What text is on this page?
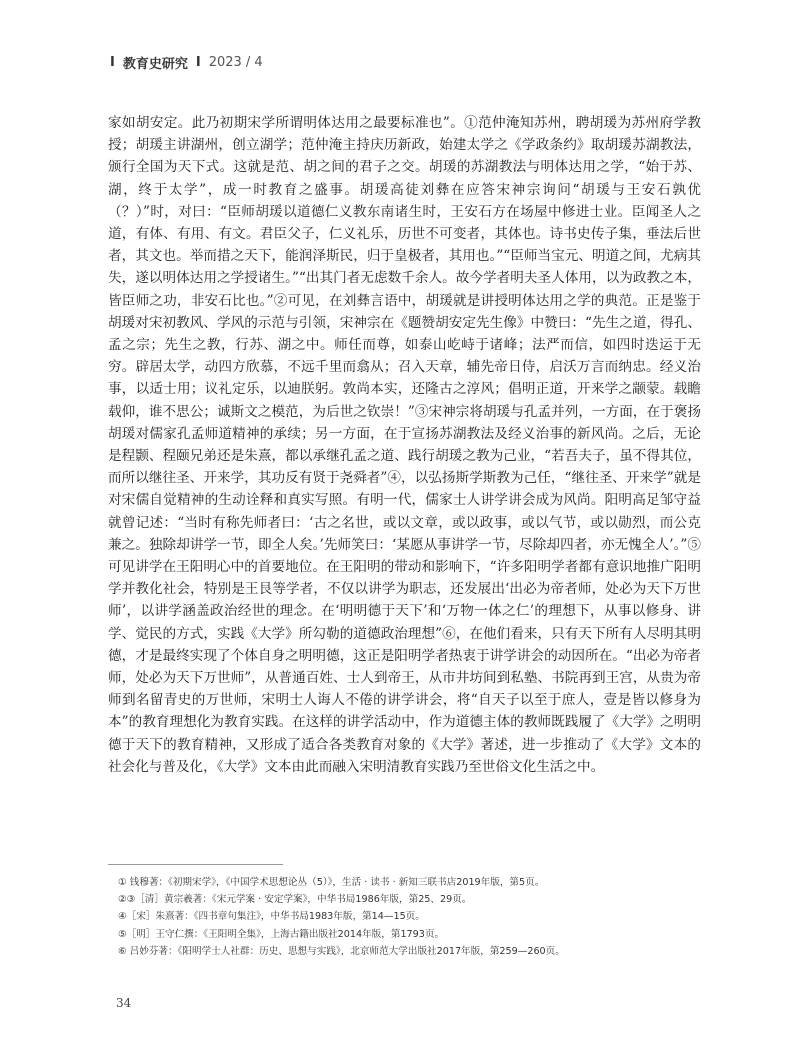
I 教育史研究 I 2023 / 4

家如胡安定。此乃初期宋学所谓明体达用之最要标准也”。①范仲淹知苏州，聘胡瑗为苏州府学教授；胡瑗主讲湖州，创立湖学；范仲淹主持庆历新政，始建太学之《学政条约》取胡瑗苏湖教法，颁行全国为天下式。这就是范、胡之间的君子之交。胡瑗的苏湖教法与明体达用之学，“始于苏、湖，终于太学”，成一时教育之盛事。胡瑗高徒刘彝在应答宋神宗询问“胡瑗与王安石孰优（？）”时，对曰：“臣师胡瑗以道德仁义教东南诸生时，王安石方在场屋中修进士业。臣闻圣人之道，有体、有用、有文。君臣父子，仁义礼乐，历世不可变者，其体也。诗书史传子集，垂法后世者，其文也。举而措之天下，能润泽斯民，归于皇极者，其用也。”“臣师当宝元、明道之间，尤病其失，遂以明体达用之学授诸生。”“出其门者无虑数千余人。故今学者明夫圣人体用，以为政教之本，皆臣师之功，非安石比也。”②可见，在刘彝言语中，胡瑗就是讲授明体达用之学的典范。正是鉴于胡瑗对宋初教风、学风的示范与引领，宋神宗在《题赞胡安定先生像》中赞曰：“先生之道，得孔、孟之宗；先生之教，行苏、湖之中。师任而尊，如泰山屹峙于诸峰；法严而信，如四时迭运于无穷。辟居太学，动四方欣慕，不远千里而翕从；召入天章，辅先帝日侍，启沃万言而纳忠。经义治事，以适士用；议礼定乐，以迪朕躬。敦尚本实，还隆古之淳风；倡明正道，开来学之颛蒙。载瞻载仰，谁不思公；诚斯文之模范，为后世之钦崇！”③宋神宗将胡瑗与孔孟并列，一方面，在于褒扬胡瑗对儒家孔孟师道精神的承续；另一方面，在于宣扬苏湖教法及经义治事的新风尚。之后，无论是程颢、程颐兄弟还是朱熹，都以承继孔孟之道、践行胡瑗之教为己业，“若吾夫子，虽不得其位，而所以继往圣、开来学，其功反有贤于尧舜者”④，以弘扬斯学斯教为己任，“继往圣、开来学”就是对宋儒自觉精神的生动诠释和真实写照。有明一代，儒家士人讲学讲会成为风尚。阳明高足邹守益就曾记述：“当时有称先师者曰：‘古之名世，或以文章，或以政事，或以气节，或以勋烈，而公克兼之。独除却讲学一节，即全人矣。’先师笑曰：‘某愿从事讲学一节，尽除却四者，亦无愧全人’。”⑤可见讲学在王阳明心中的首要地位。在王阳明的带动和影响下，“许多阳明学者都有意识地推广阳明学并教化社会，特别是王艮等学者，不仅以讲学为职志，还发展出‘出必为帝者师，处必为天下万世师’，以讲学涵盖政治经世的理念。在‘明明德于天下’和‘万物一体之仁’的理想下，从事以修身、讲学、觉民的方式，实践《大学》所勾勒的道德政治理想”⑥，在他们看来，只有天下所有人尽明其明德，才是最终实现了个体自身之明明德，这正是阳明学者热衷于讲学讲会的动因所在。“出必为帝者师，处必为天下万世师”，从普通百姓、士人到帝王，从市井坊间到私塾、书院再到王宫，从贵为帝师到名留青史的万世师，宋明士人诲人不倦的讲学讲会，将“自天子以至于庶人，壹是皆以修身为本”的教育理想化为教育实践。在这样的讲学活动中，作为道德主体的教师既践履了《大学》之明明德于天下的教育精神，又形成了适合各类教育对象的《大学》著述，进一步推动了《大学》文本的社会化与普及化，《大学》文本由此而融入宋明清教育实践乃至世俗文化生活之中。

① 钱穆著：《初期宋学》，《中国学术思想论丛（5）》，生活 · 读书 · 新知三联书店2019年版，第5页。
②③［清］黄宗羲著：《宋元学案 · 安定学案》，中华书局1986年版，第25、29页。
④［宋］朱熹著：《四书章句集注》，中华书局1983年版，第14—15页。
⑤［明］王守仁撰：《王阳明全集》，上海古籍出版社2014年版，第1793页。
⑥ 吕妙芬著：《阳明学士人社群：历史、思想与实践》，北京师范大学出版社2017年版，第259—260页。
34
